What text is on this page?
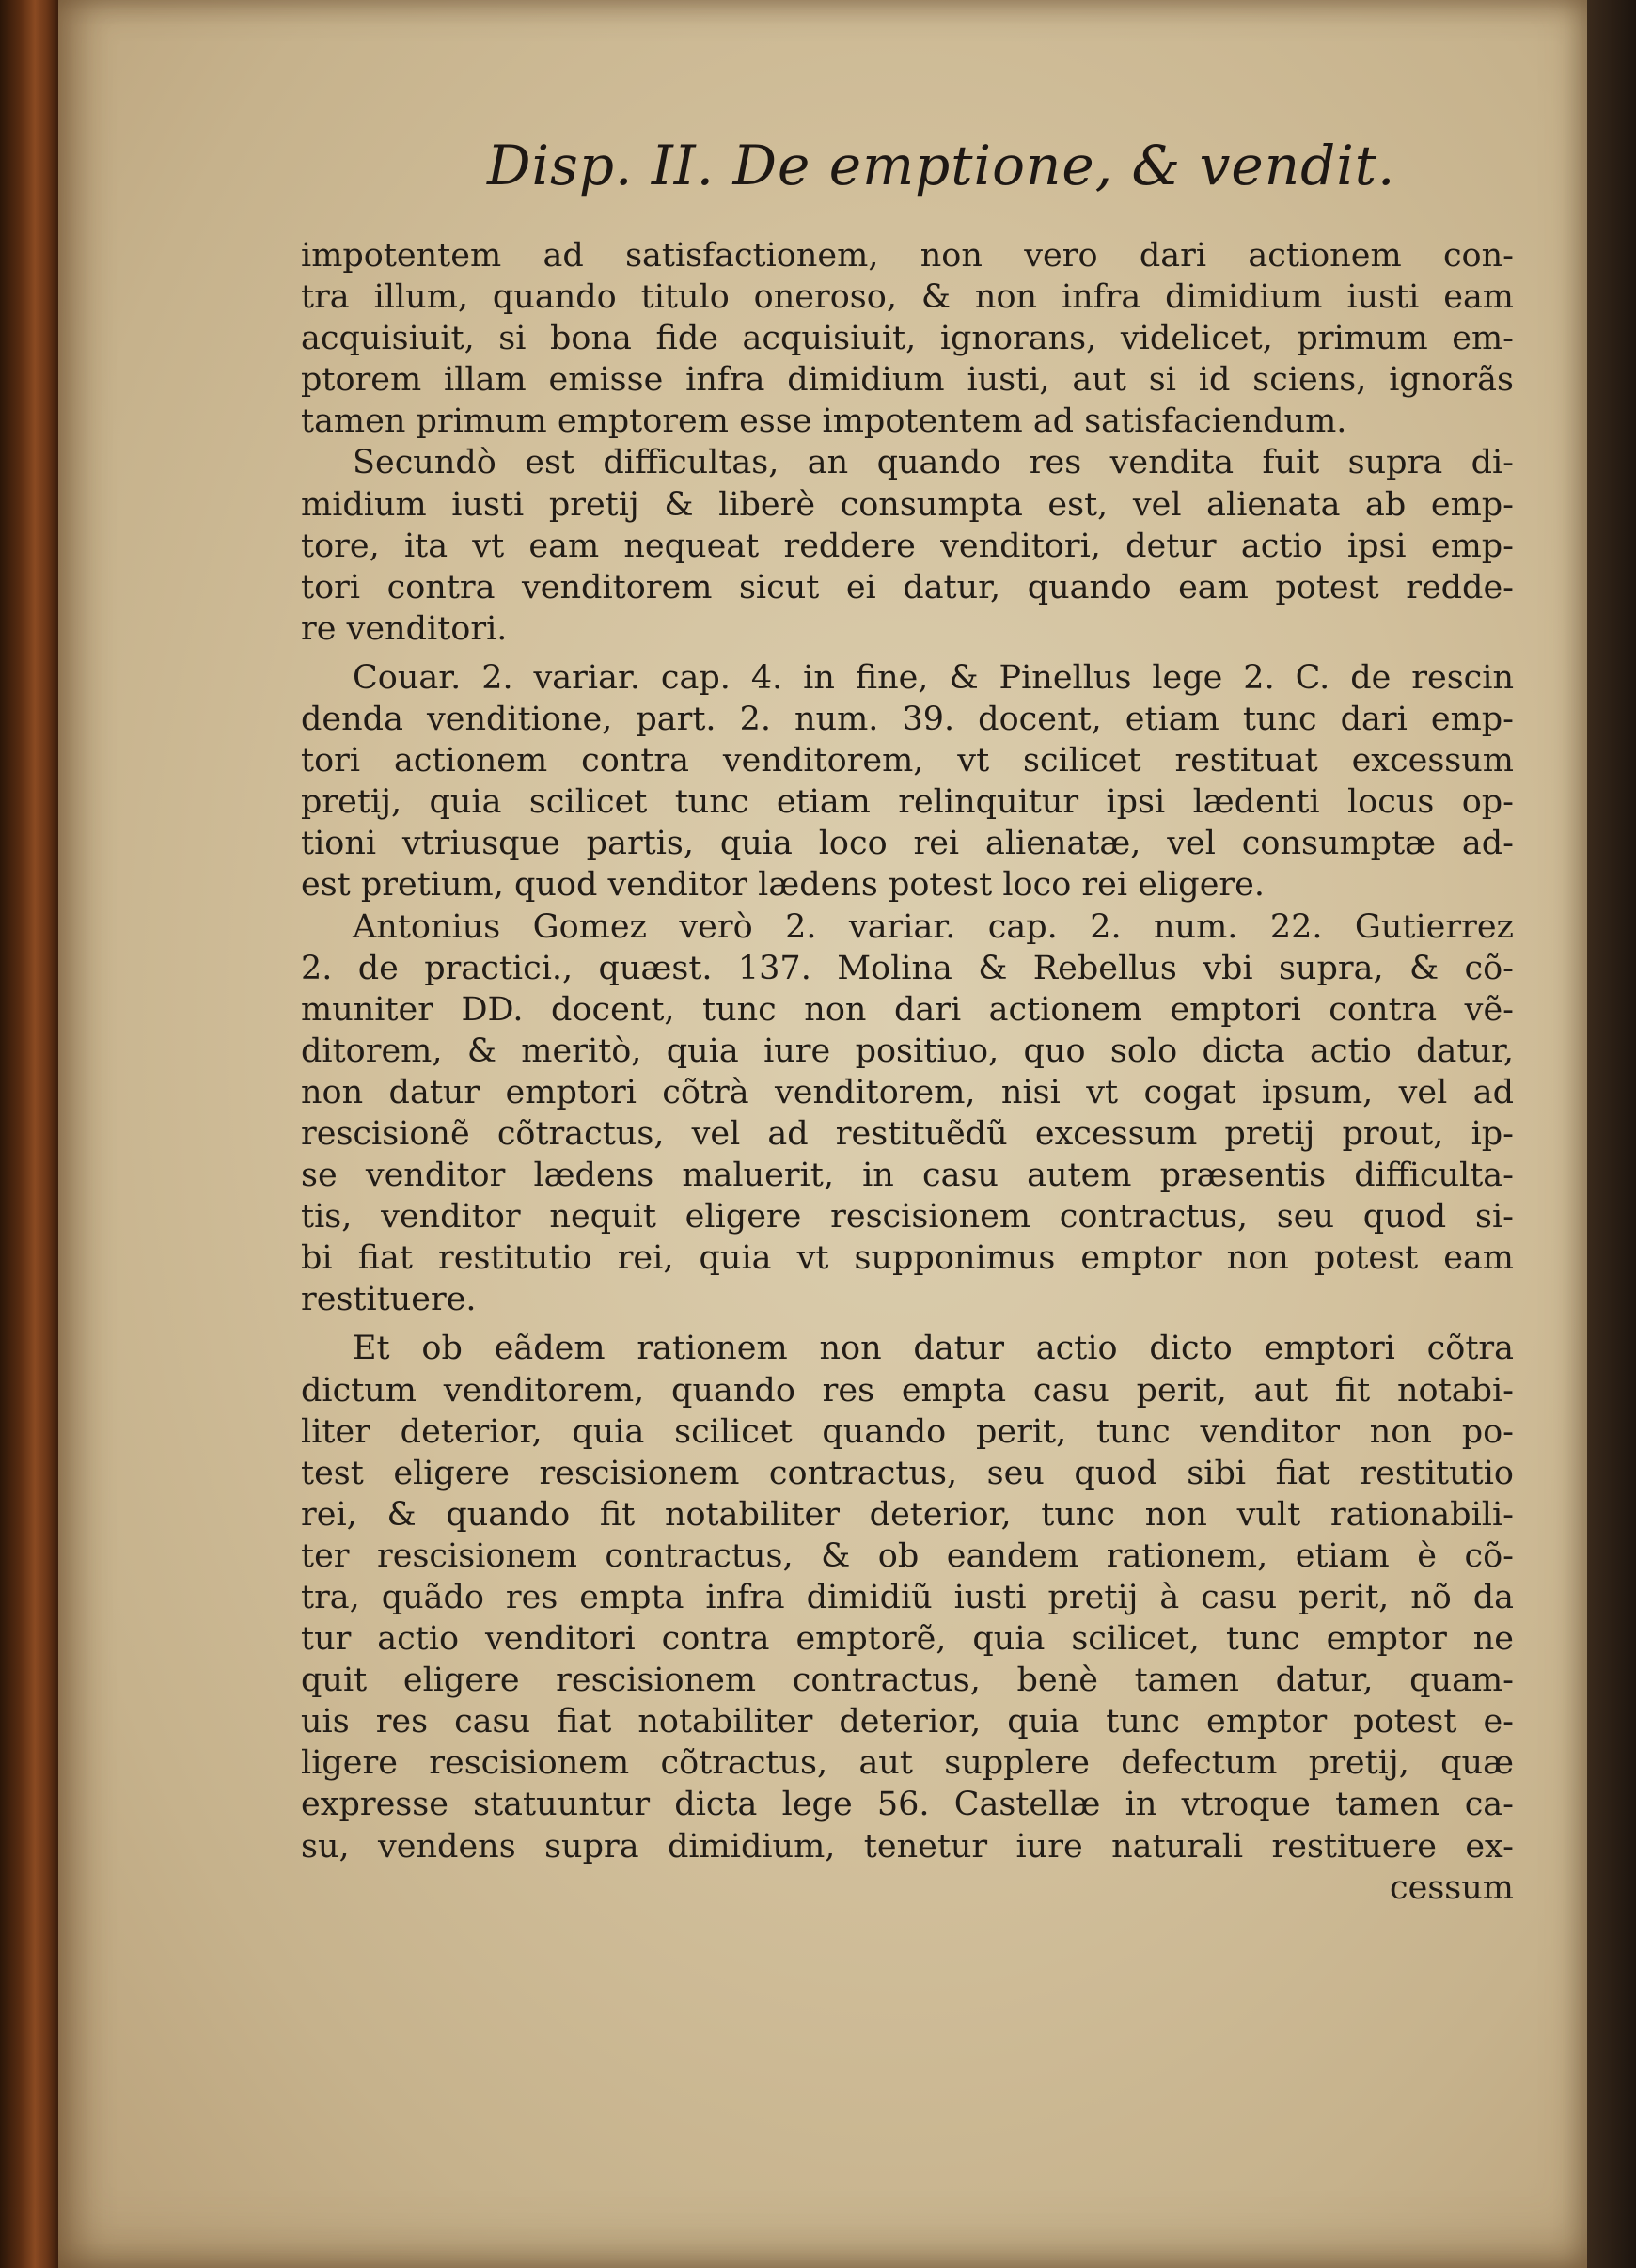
Disp. II. De emptione, & vendit.
impotentem ad satisfactionem, non vero dari actionem con-
tra illum, quando titulo oneroso, & non infra dimidium iusti eam
acquisiuit, si bona fide acquisiuit, ignorans, videlicet, primum em-
ptorem illam emisse infra dimidium iusti, aut si id sciens, ignorãs
tamen primum emptorem esse impotentem ad satisfaciendum.
Secundò est difficultas, an quando res vendita fuit supra di-
midium iusti pretij & liberè consumpta est, vel alienata ab emp-
tore, ita vt eam nequeat reddere venditori, detur actio ipsi emp-
tori contra venditorem sicut ei datur, quando eam potest redde-
re venditori.
Couar. 2. variar. cap. 4. in fine, & Pinellus lege 2. C. de rescin
denda venditione, part. 2. num. 39. docent, etiam tunc dari emp-
tori actionem contra venditorem, vt scilicet restituat excessum
pretij, quia scilicet tunc etiam relinquitur ipsi lædenti locus op-
tioni vtriusque partis, quia loco rei alienatæ, vel consumptæ ad-
est pretium, quod venditor lædens potest loco rei eligere.
Antonius Gomez verò 2. variar. cap. 2. num. 22. Gutierrez
2. de practici., quæst. 137. Molina & Rebellus vbi supra, & cõ-
muniter DD. docent, tunc non dari actionem emptori contra vẽ-
ditorem, & meritò, quia iure positiuo, quo solo dicta actio datur,
non datur emptori cõtrà venditorem, nisi vt cogat ipsum, vel ad
rescisionẽ cõtractus, vel ad restituẽdũ excessum pretij prout, ip-
se venditor lædens maluerit, in casu autem præsentis difficulta-
tis, venditor nequit eligere rescisionem contractus, seu quod si-
bi fiat restitutio rei, quia vt supponimus emptor non potest eam
restituere.
Et ob eãdem rationem non datur actio dicto emptori cõtra
dictum venditorem, quando res empta casu perit, aut fit notabi-
liter deterior, quia scilicet quando perit, tunc venditor non po-
test eligere rescisionem contractus, seu quod sibi fiat restitutio
rei, & quando fit notabiliter deterior, tunc non vult rationabili-
ter rescisionem contractus, & ob eandem rationem, etiam è cõ-
tra, quãdo res empta infra dimidiũ iusti pretij à casu perit, nõ da
tur actio venditori contra emptorẽ, quia scilicet, tunc emptor ne
quit eligere rescisionem contractus, benè tamen datur, quam-
uis res casu fiat notabiliter deterior, quia tunc emptor potest e-
ligere rescisionem cõtractus, aut supplere defectum pretij, quæ
expresse statuuntur dicta lege 56. Castellæ in vtroque tamen ca-
su, vendens supra dimidium, tenetur iure naturali restituere ex-
cessum
